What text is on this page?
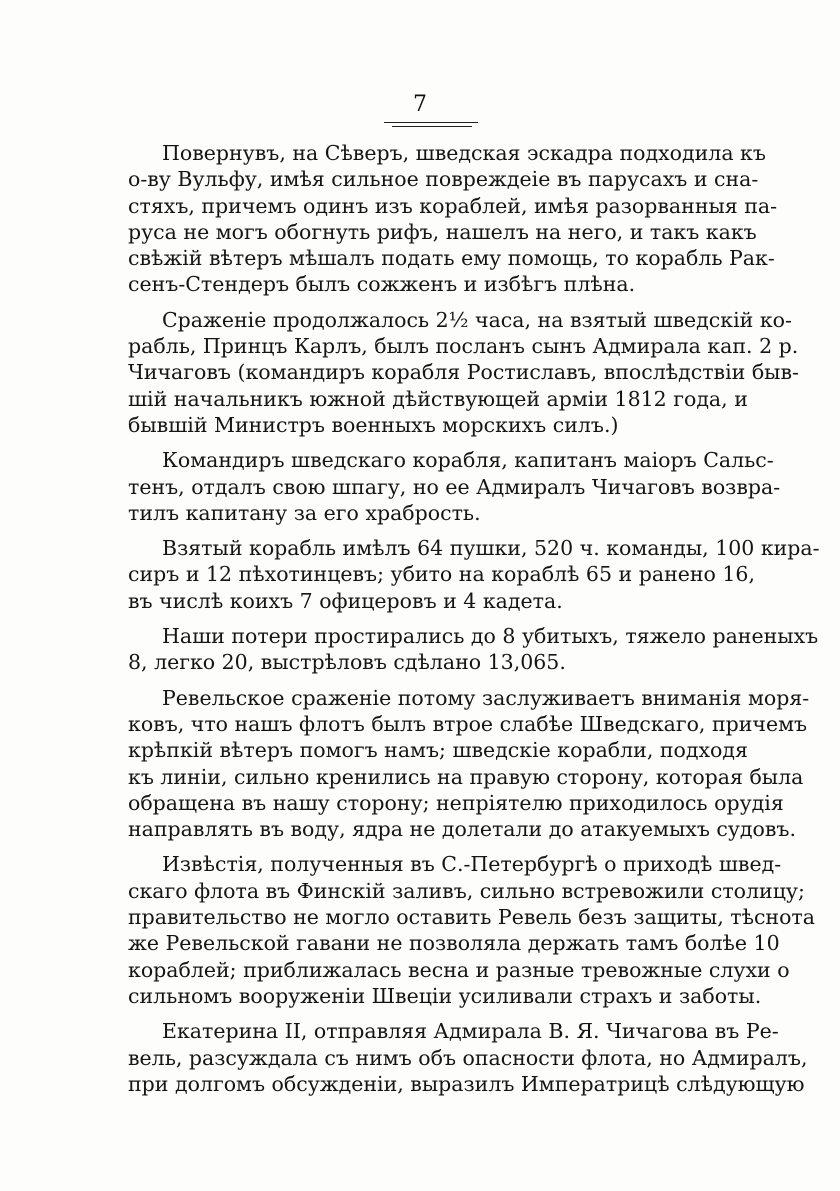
7
Повернувъ, на Сѣверъ, шведская эскадра подходила къ
о-ву Вульфу, имѣя сильное повреждеіе въ парусахъ и сна-
стяхъ, причемъ одинъ изъ кораблей, имѣя разорванныя па-
руса не могъ обогнуть рифъ, нашелъ на него, и такъ какъ
свѣжій вѣтеръ мѣшалъ подать ему помощь, то корабль Рак-
сенъ-Стендеръ былъ сожженъ и избѣгъ плѣна.
Сраженіе продолжалось 2½ часа, на взятый шведскій ко-
рабль, Принцъ Карлъ, былъ посланъ сынъ Адмирала кап. 2 р.
Чичаговъ (командиръ корабля Ростиславъ, впослѣдствіи быв-
шій начальникъ южной дѣйствующей арміи 1812 года, и
бывшій Министръ военныхъ морскихъ силъ.)
Командиръ шведскаго корабля, капитанъ маіоръ Сальс-
тенъ, отдалъ свою шпагу, но ее Адмиралъ Чичаговъ возвра-
тилъ капитану за его храбрость.
Взятый корабль имѣлъ 64 пушки, 520 ч. команды, 100 кира-
сиръ и 12 пѣхотинцевъ; убито на кораблѣ 65 и ранено 16,
въ числѣ коихъ 7 офицеровъ и 4 кадета.
Наши потери простирались до 8 убитыхъ, тяжело раненыхъ
8, легко 20, выстрѣловъ сдѣлано 13,065.
Ревельское сраженіе потому заслуживаетъ вниманія моря-
ковъ, что нашъ флотъ былъ втрое слабѣе Шведскаго, причемъ
крѣпкій вѣтеръ помогъ намъ; шведскіе корабли, подходя
къ линіи, сильно кренились на правую сторону, которая была
обращена въ нашу сторону; непріятелю приходилось орудія
направлять въ воду, ядра не долетали до атакуемыхъ судовъ.
Извѣстія, полученныя въ С.-Петербургѣ о приходѣ швед-
скаго флота въ Финскій заливъ, сильно встревожили столицу;
правительство не могло оставить Ревель безъ защиты, тѣснота
же Ревельской гавани не позволяла держать тамъ болѣе 10
кораблей; приближалась весна и разные тревожные слухи о
сильномъ вооруженіи Швеціи усиливали страхъ и заботы.
Екатерина II, отправляя Адмирала В. Я. Чичагова въ Ре-
вель, разсуждала съ нимъ объ опасности флота, но Адмиралъ,
при долгомъ обсужденіи, выразилъ Императрицѣ слѣдующую
